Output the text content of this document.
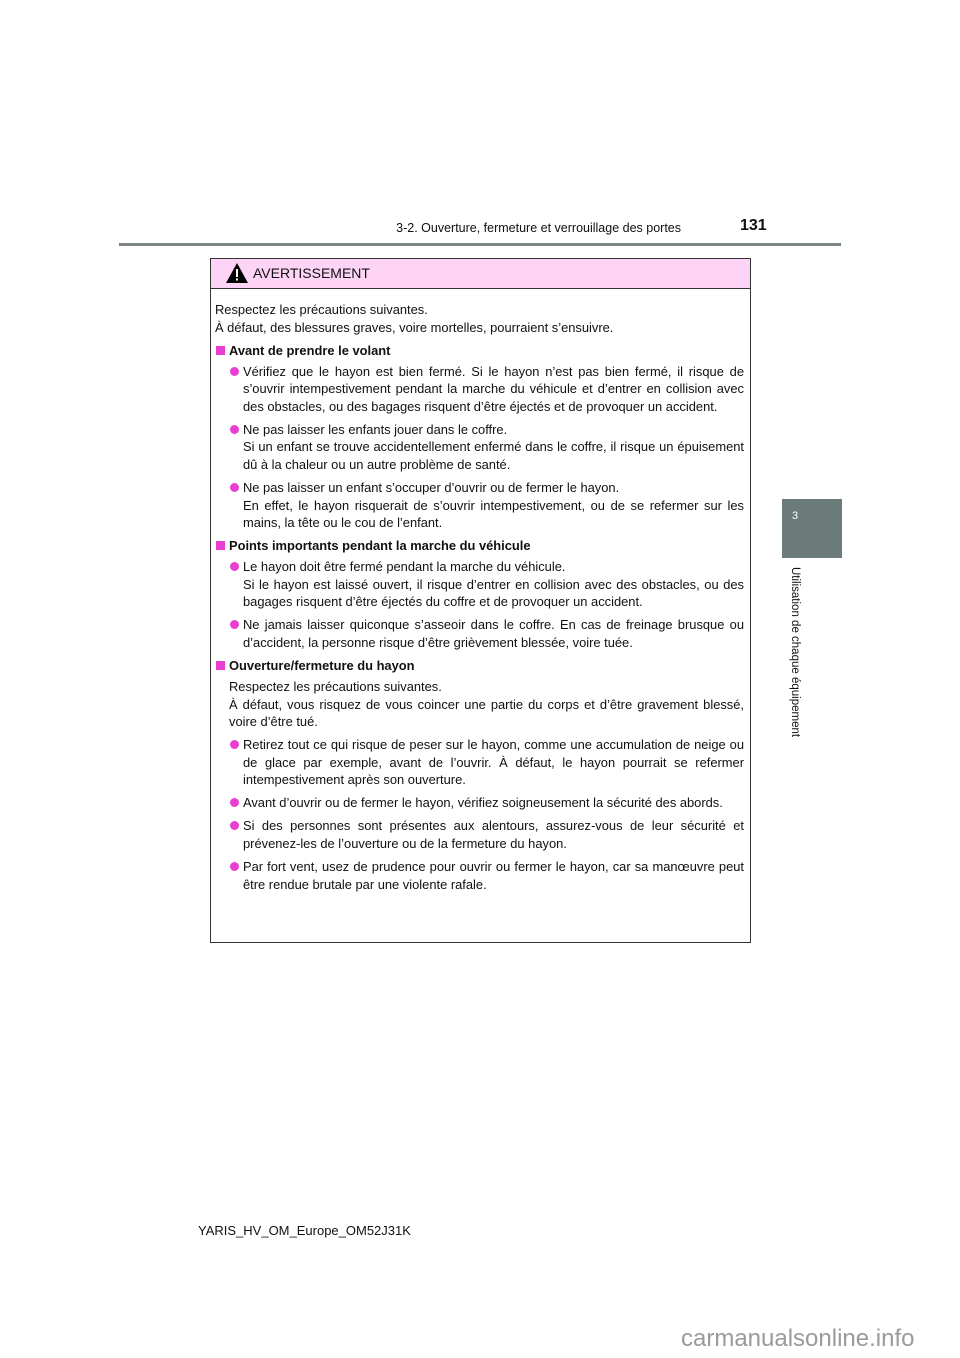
3-2. Ouverture, fermeture et verrouillage des portes	131
3
Utilisation de chaque équipement
AVERTISSEMENT
Respectez les précautions suivantes.
À défaut, des blessures graves, voire mortelles, pourraient s’ensuivre.
Avant de prendre le volant
Vérifiez que le hayon est bien fermé. Si le hayon n’est pas bien fermé, il risque de s’ouvrir intempestivement pendant la marche du véhicule et d’entrer en collision avec des obstacles, ou des bagages risquent d’être éjectés et de provoquer un accident.
Ne pas laisser les enfants jouer dans le coffre.
Si un enfant se trouve accidentellement enfermé dans le coffre, il risque un épuisement dû à la chaleur ou un autre problème de santé.
Ne pas laisser un enfant s’occuper d’ouvrir ou de fermer le hayon.
En effet, le hayon risquerait de s’ouvrir intempestivement, ou de se refermer sur les mains, la tête ou le cou de l’enfant.
Points importants pendant la marche du véhicule
Le hayon doit être fermé pendant la marche du véhicule.
Si le hayon est laissé ouvert, il risque d’entrer en collision avec des obstacles, ou des bagages risquent d’être éjectés du coffre et de provoquer un accident.
Ne jamais laisser quiconque s’asseoir dans le coffre. En cas de freinage brusque ou d’accident, la personne risque d’être grièvement blessée, voire tuée.
Ouverture/fermeture du hayon
Respectez les précautions suivantes.
À défaut, vous risquez de vous coincer une partie du corps et d’être gravement blessé, voire d’être tué.
Retirez tout ce qui risque de peser sur le hayon, comme une accumulation de neige ou de glace par exemple, avant de l’ouvrir. À défaut, le hayon pourrait se refermer intempestivement après son ouverture.
Avant d’ouvrir ou de fermer le hayon, vérifiez soigneusement la sécurité des abords.
Si des personnes sont présentes aux alentours, assurez-vous de leur sécurité et prévenez-les de l’ouverture ou de la fermeture du hayon.
Par fort vent, usez de prudence pour ouvrir ou fermer le hayon, car sa manœuvre peut être rendue brutale par une violente rafale.
YARIS_HV_OM_Europe_OM52J31K
carmanualsonline.info
